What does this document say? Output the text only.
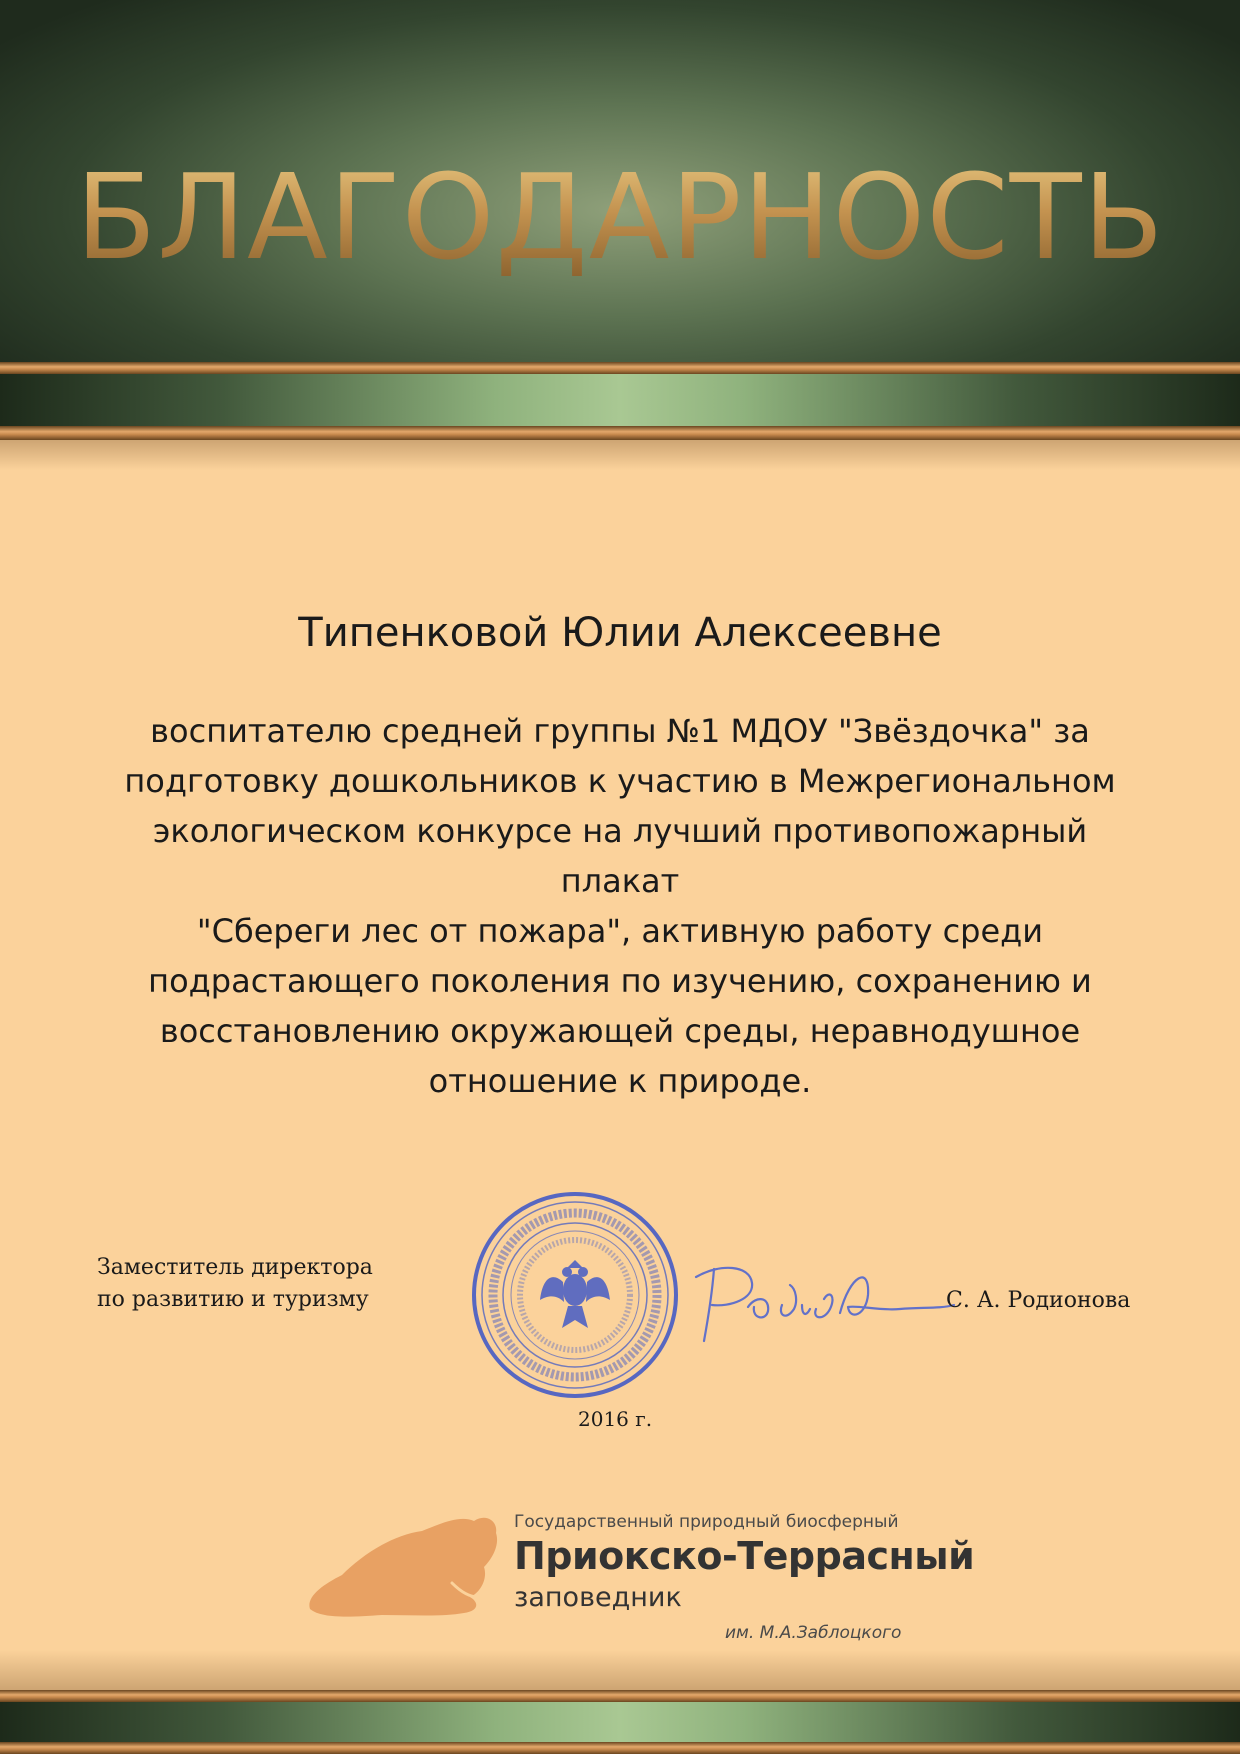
БЛАГОДАРНОСТЬ

Типенковой Юлии Алексеевне

воспитателю средней группы №1 МДОУ "Звёздочка" за
подготовку дошкольников к участию в Межрегиональном
экологическом конкурсе на лучший противопожарный
плакат
"Сбереги лес от пожара", активную работу среди
подрастающего поколения по изучению, сохранению и
восстановлению окружающей среды, неравнодушное
отношение к природе.

Заместитель директора
по развитию и туризму	С. А. Родионова
2016 г.
Государственный природный биосферный
Приокско-Террасный
заповедник
им. М.А.Заблоцкого
